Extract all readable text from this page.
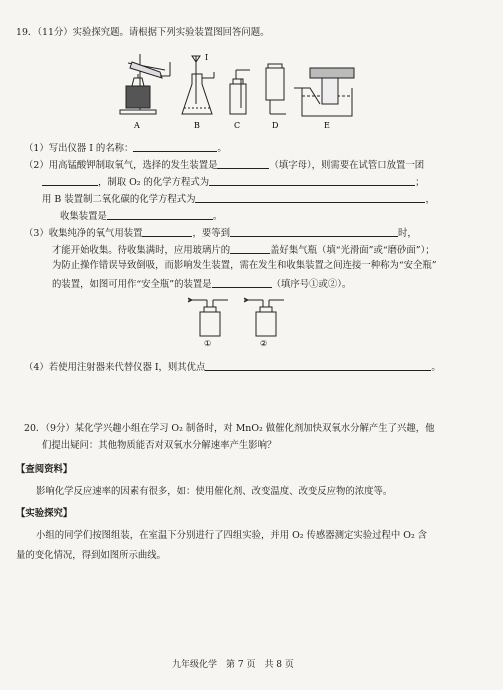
19．（11分）实验探究题。请根据下列实验装置图回答问题。
A	B	C	D	E
I
（1）写出仪器 I 的名称：	。
（2）用高锰酸钾制取氧气，选择的发生装置是	（填字母），则需要在试管口放置一团
，制取 O₂ 的化学方程式为	；
用 B 装置制二氧化碳的化学方程式为	，
收集装置是	。
（3）收集纯净的氧气用装置	，要等到	时，
才能开始收集。待收集满时，应用玻璃片的	盖好集气瓶（填“光滑面”或“磨砂面”）；
为防止操作错误导致倒吸，而影响发生装置，需在发生和收集装置之间连接一种称为“安全瓶”
的装置，如图可用作“安全瓶”的装置是	（填序号①或②）。
①	②
（4）若使用注射器来代替仪器 I，则其优点	。
20．（9分）某化学兴趣小组在学习 O₂ 制备时，对 MnO₂ 做催化剂加快双氧水分解产生了兴趣，他
们提出疑问：其他物质能否对双氧水分解速率产生影响？
【查阅资料】
影响化学反应速率的因素有很多，如：使用催化剂、改变温度、改变反应物的浓度等。
【实验探究】
小组的同学们按图组装，在室温下分别进行了四组实验，并用 O₂ 传感器测定实验过程中 O₂ 含
量的变化情况，得到如图所示曲线。
九年级化学　第 7 页　共 8 页
